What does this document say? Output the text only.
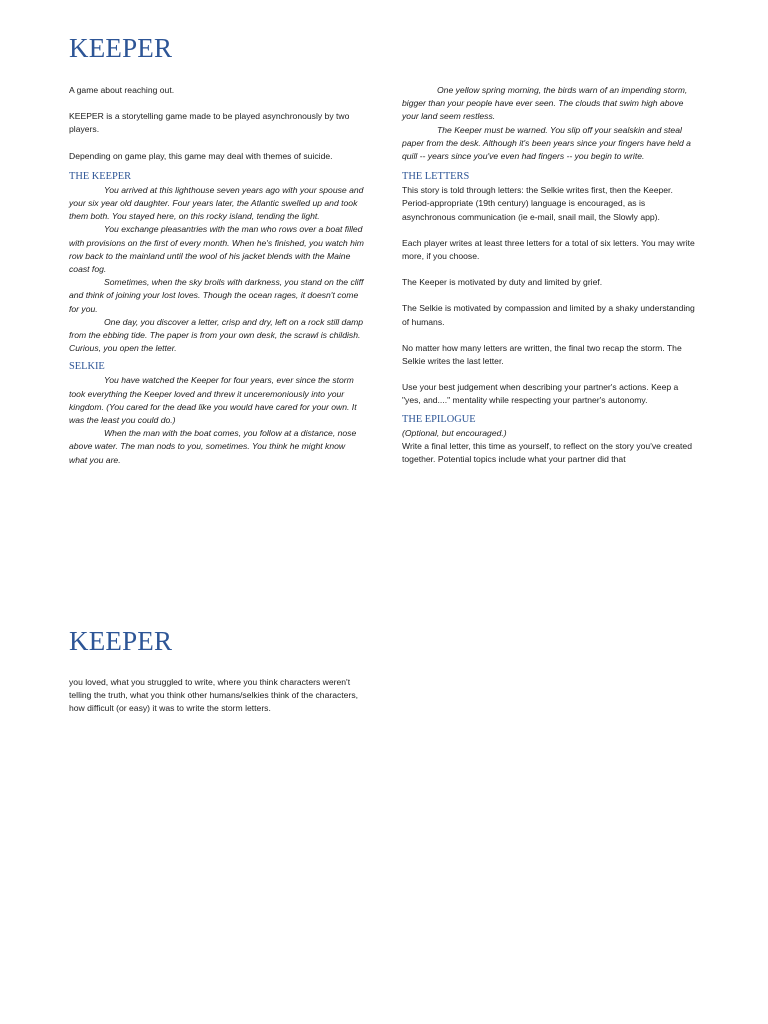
KEEPER

A game about reaching out.

KEEPER is a storytelling game made to be played asynchronously by two players.

Depending on game play, this game may deal with themes of suicide.

THE KEEPER

You arrived at this lighthouse seven years ago with your spouse and your six year old daughter. Four years later, the Atlantic swelled up and took them both. You stayed here, on this rocky island, tending the light.

You exchange pleasantries with the man who rows over a boat filled with provisions on the first of every month. When he's finished, you watch him row back to the mainland until the wool of his jacket blends with the Maine coast fog.

Sometimes, when the sky broils with darkness, you stand on the cliff and think of joining your lost loves. Though the ocean rages, it doesn't come for you.

One day, you discover a letter, crisp and dry, left on a rock still damp from the ebbing tide. The paper is from your own desk, the scrawl is childish. Curious, you open the letter.

SELKIE

You have watched the Keeper for four years, ever since the storm took everything the Keeper loved and threw it unceremoniously into your kingdom. (You cared for the dead like you would have cared for your own. It was the least you could do.)

When the man with the boat comes, you follow at a distance, nose above water. The man nods to you, sometimes. You think he might know what you are.

One yellow spring morning, the birds warn of an impending storm, bigger than your people have ever seen. The clouds that swim high above your land seem restless.

The Keeper must be warned. You slip off your sealskin and steal paper from the desk. Although it's been years since your fingers have held a quill -- years since you've even had fingers -- you begin to write.

THE LETTERS

This story is told through letters: the Selkie writes first, then the Keeper. Period-appropriate (19th century) language is encouraged, as is asynchronous communication (ie e-mail, snail mail, the Slowly app).

Each player writes at least three letters for a total of six letters. You may write more, if you choose.

The Keeper is motivated by duty and limited by grief.

The Selkie is motivated by compassion and limited by a shaky understanding of humans.

No matter how many letters are written, the final two recap the storm. The Selkie writes the last letter.

Use your best judgement when describing your partner's actions. Keep a "yes, and...." mentality while respecting your partner's autonomy.

THE EPILOGUE

(Optional, but encouraged.)

Write a final letter, this time as yourself, to reflect on the story you've created together. Potential topics include what your partner did that

KEEPER

you loved, what you struggled to write, where you think characters weren't telling the truth, what you think other humans/selkies think of the characters, how difficult (or easy) it was to write the storm letters.
